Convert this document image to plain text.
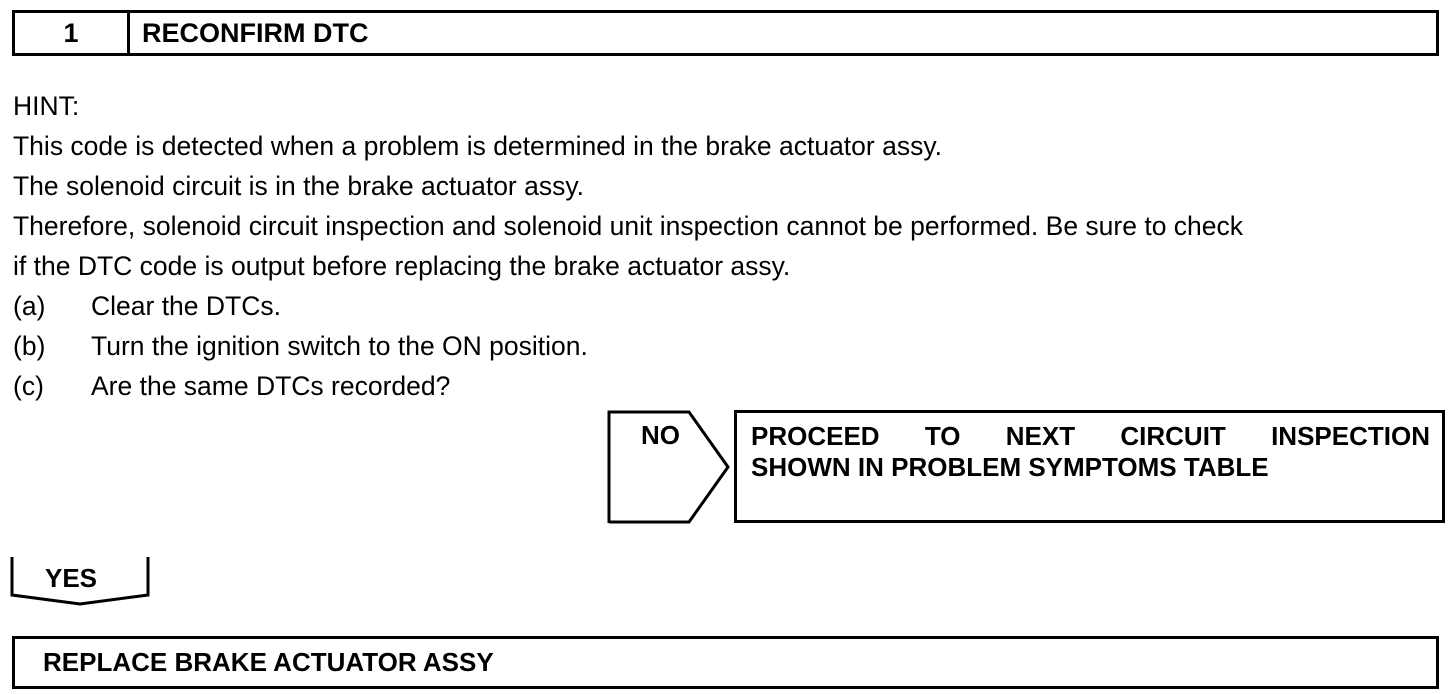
1	RECONFIRM DTC
HINT:
This code is detected when a problem is determined in the brake actuator assy.
The solenoid circuit is in the brake actuator assy.
Therefore, solenoid circuit inspection and solenoid unit inspection cannot be performed. Be sure to check
if the DTC code is output before replacing the brake actuator assy.
(a)	Clear the DTCs.
(b)	Turn the ignition switch to the ON position.
(c)	Are the same DTCs recorded?
NO	PROCEED TO NEXT CIRCUIT INSPECTION
SHOWN IN PROBLEM SYMPTOMS TABLE
YES
REPLACE BRAKE ACTUATOR ASSY
